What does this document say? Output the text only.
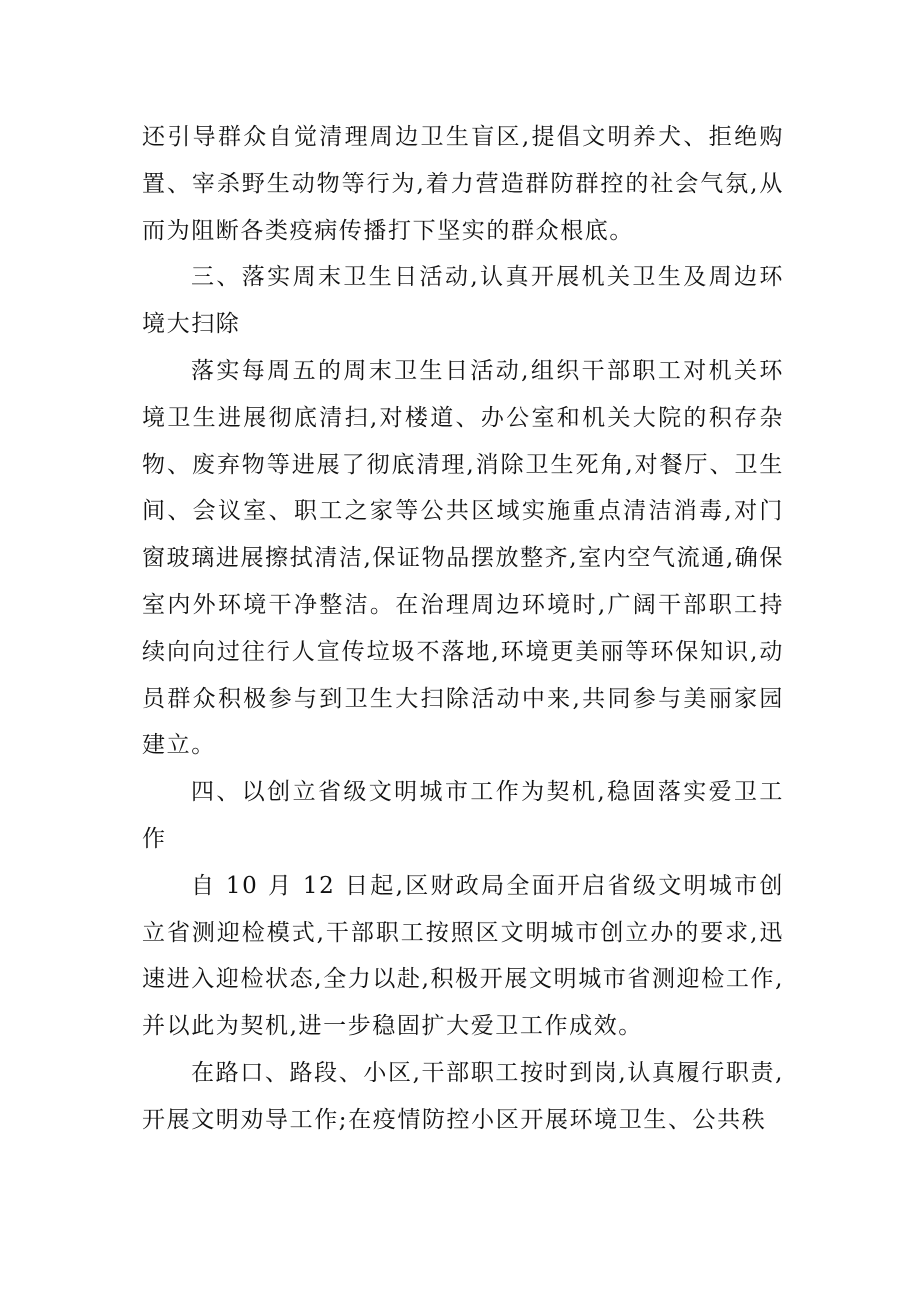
还引导群众自觉清理周边卫生盲区,提倡文明养犬、拒绝购置、宰杀野生动物等行为,着力营造群防群控的社会气氛,从而为阻断各类疫病传播打下坚实的群众根底。

三、落实周末卫生日活动,认真开展机关卫生及周边环境大扫除

落实每周五的周末卫生日活动,组织干部职工对机关环境卫生进展彻底清扫,对楼道、办公室和机关大院的积存杂物、废弃物等进展了彻底清理,消除卫生死角,对餐厅、卫生间、会议室、职工之家等公共区域实施重点清洁消毒,对门窗玻璃进展擦拭清洁,保证物品摆放整齐,室内空气流通,确保室内外环境干净整洁。在治理周边环境时,广阔干部职工持续向向过往行人宣传垃圾不落地,环境更美丽等环保知识,动员群众积极参与到卫生大扫除活动中来,共同参与美丽家园建立。

四、以创立省级文明城市工作为契机,稳固落实爱卫工作

自 10 月 12 日起,区财政局全面开启省级文明城市创立省测迎检模式,干部职工按照区文明城市创立办的要求,迅速进入迎检状态,全力以赴,积极开展文明城市省测迎检工作,并以此为契机,进一步稳固扩大爱卫工作成效。

在路口、路段、小区,干部职工按时到岗,认真履行职责,开展文明劝导工作;在疫情防控小区开展环境卫生、公共秩
